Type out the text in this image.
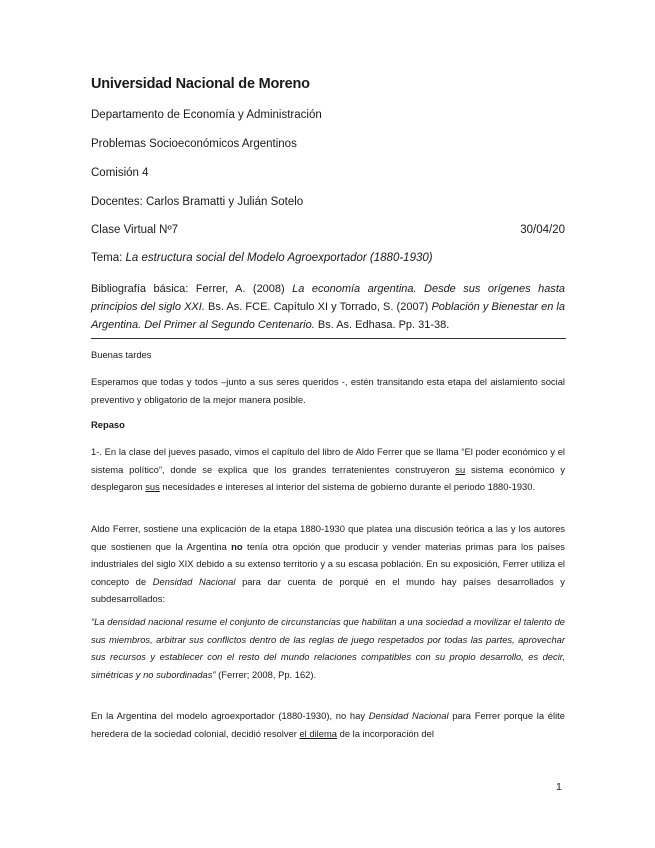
Universidad Nacional de Moreno
Departamento de Economía y Administración
Problemas Socioeconómicos Argentinos
Comisión 4
Docentes: Carlos Bramatti y Julián Sotelo
Clase Virtual Nº7	30/04/20
Tema: La estructura social del Modelo Agroexportador (1880-1930)
Bibliografía básica: Ferrer, A. (2008) La economía argentina. Desde sus orígenes hasta principios del siglo XXI. Bs. As. FCE. Capítulo XI y Torrado, S. (2007) Población y Bienestar en la Argentina. Del Primer al Segundo Centenario. Bs. As. Edhasa. Pp. 31-38.
Buenas tardes
Esperamos que todas y todos –junto a sus seres queridos -, estén transitando esta etapa del aislamiento social preventivo y obligatorio de la mejor manera posible.
Repaso
1-. En la clase del jueves pasado, vimos el capítulo del libro de Aldo Ferrer que se llama “El poder económico y el sistema político”, donde se explica que los grandes terratenientes construyeron su sistema económico y desplegaron sus necesidades e intereses al interior del sistema de gobierno durante el periodo 1880-1930.
Aldo Ferrer, sostiene una explicación de la etapa 1880-1930 que platea una discusión teórica a las y los autores que sostienen que la Argentina no tenía otra opción que producir y vender materias primas para los países industriales del siglo XIX debido a su extenso territorio y a su escasa población. En su exposición, Ferrer utiliza el concepto de Densidad Nacional para dar cuenta de porqué en el mundo hay países desarrollados y subdesarrollados:
“La densidad nacional resume el conjunto de circunstancias que habilitan a una sociedad a movilizar el talento de sus miembros, arbitrar sus conflictos dentro de las reglas de juego respetados por todas las partes, aprovechar sus recursos y establecer con el resto del mundo relaciones compatibles con su propio desarrollo, es decir, simétricas y no subordinadas” (Ferrer; 2008, Pp. 162).
En la Argentina del modelo agroexportador (1880-1930), no hay Densidad Nacional para Ferrer porque la élite heredera de la sociedad colonial, decidió resolver el dilema de la incorporación del
1
